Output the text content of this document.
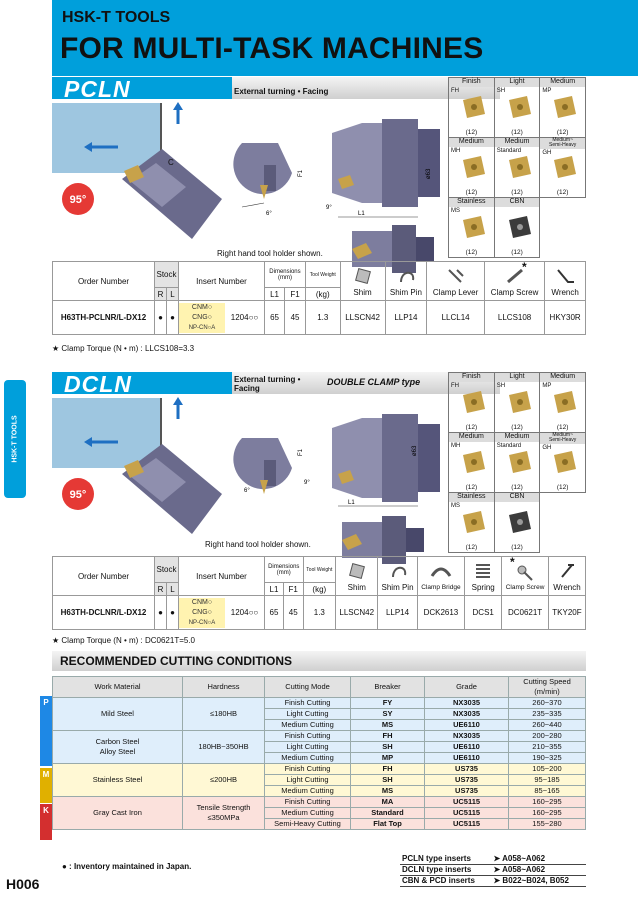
HSK-T TOOLS
FOR MULTI-TASK MACHINES
HSK-T TOOLS
PCLN	External turning • Facing
95°
C
6°
F1
L1
9°
ø63
Right hand tool holder shown.
Finish
FH
(12)	Light
SH
(12)	Medium
MP
(12)

Medium
MH
(12)	Medium
Standard
(12)	Medium~
Semi-Heavy
GH
(12)

Stainless
MS
(12)	CBN
(12)	

Order Number	Stock		Insert Number	Dimensions
(mm)		Tool Weight	Shim	Shim Pin	Clamp Lever	Clamp Screw	Wrench

	R	L		L1	F1	(kg)					
H63TH-PCLNR/L-DX12	●	●	CNM○
CNG○
NP-CN○A
1204○○	65	45	1.3	LLSCN42	LLP14	LLCL14	LLCS108	HKY30R
*
★ Clamp Torque (N • m) : LLCS108=3.3
DCLN	External turning •
Facing
DOUBLE CLAMP type
95°	6°
F1
L1
9°
ø63
Right hand tool holder shown.
Finish
FH
(12)	Light
SH
(12)	Medium
MP
(12)

Medium
MH
(12)	Medium
Standard
(12)	Medium~
Semi-Heavy
GH
(12)

Stainless
MS
(12)	CBN
(12)	

Order Number	Stock		Insert Number	Dimensions
(mm)		Tool Weight	Shim	Shim Pin	Clamp Bridge	Spring	Clamp Screw	Wrench

	R	L		L1	F1	(kg)						
H63TH-DCLNR/L-DX12	●	●	CNM○
CNG○
NP-CN○A
1204○○	65	45	1.3	LLSCN42	LLP14	DCK2613	DCS1	DC0621T	TKY20F
*
★ Clamp Torque (N • m) : DC0621T=5.0
RECOMMENDED CUTTING CONDITIONS
P
M
K
Work Material	Hardness	Cutting Mode	Breaker	Grade	Cutting Speed (m/min)
Mild Steel	≤180HB	Finish Cutting	FY	NX3035	260~370
		Light Cutting	SY	NX3035	235~335
		Medium Cutting	MS	UE6110	260~440
Carbon Steel
Alloy Steel	180HB~350HB	Finish Cutting	FH	NX3035	200~280
		Light Cutting	SH	UE6110	210~355
		Medium Cutting	MP	UE6110	190~325
Stainless Steel	≤200HB	Finish Cutting	FH	US735	105~200
		Light Cutting	SH	US735	95~185
		Medium Cutting	MS	US735	85~165
Gray Cast Iron	Tensile Strength
≤350MPa	Finish Cutting	MA	UC5115	160~295
		Medium Cutting	Standard	UC5115	160~295
		Semi-Heavy Cutting	Flat Top	UC5115	155~280
● : Inventory maintained in Japan.
H006
PCLN type inserts	➤ A058~A062
DCLN type inserts	➤ A058~A062
CBN & PCD inserts	➤ B022~B024, B052
